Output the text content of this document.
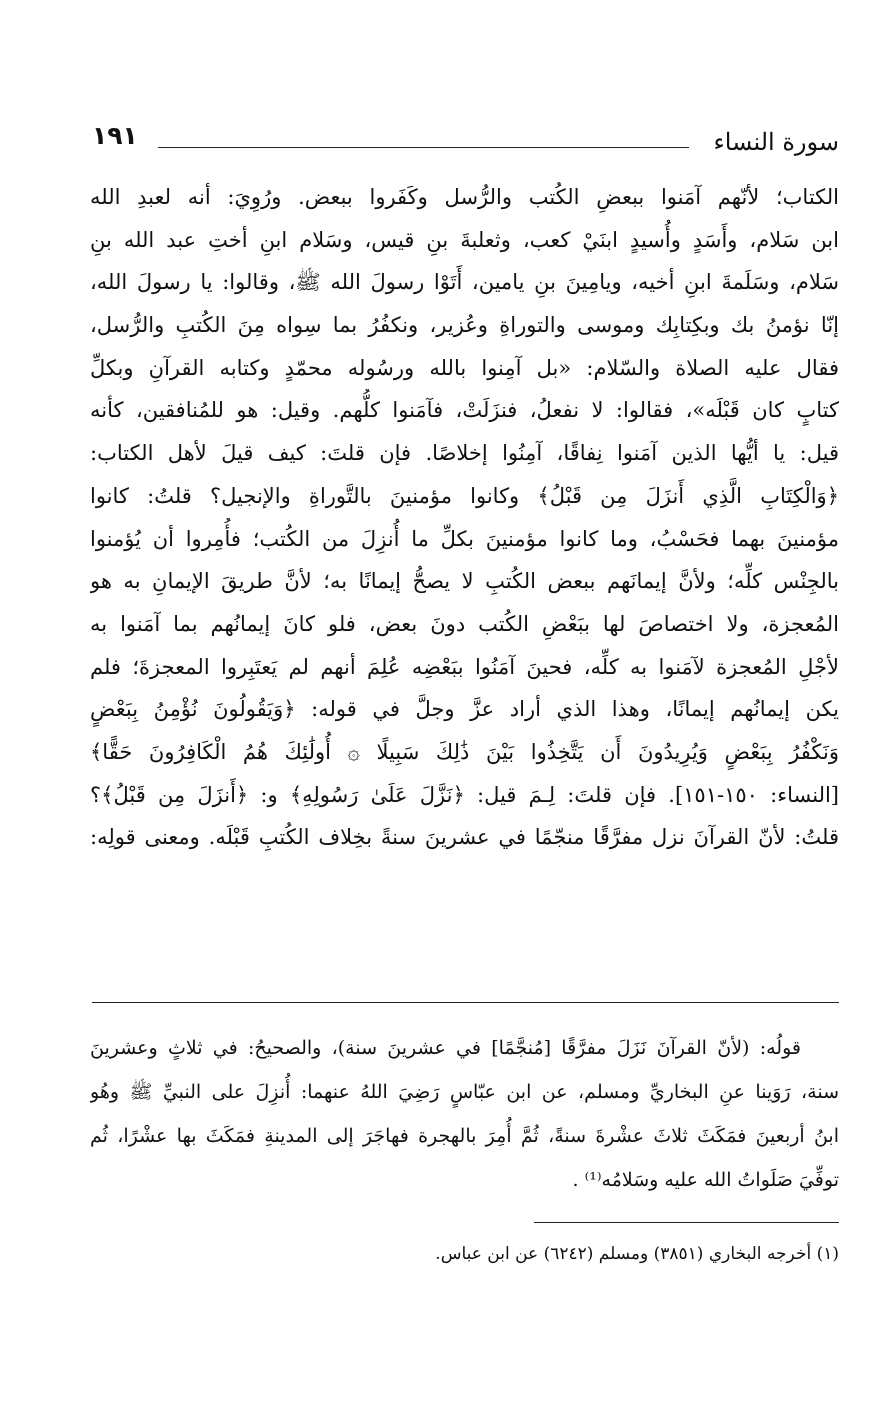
سورة النساء
١٩١
الكتاب؛ لأنّهم آمَنوا ببعضِ الكُتب والرُّسل وكَفَروا ببعض. ورُوِيَ: أنه لعبدِ الله
ابن سَلام، وأَسَدٍ وأُسيدٍ ابنَيْ كعب، وثعلبةَ بنِ قيس، وسَلام ابنِ أختِ عبد الله بنِ
سَلام، وسَلَمةَ ابنِ أخيه، ويامِينَ بنِ يامين، أَتَوْا رسولَ الله ﷺ، وقالوا: يا رسولَ الله،
إنّا نؤمنُ بك وبكِتابِك وموسى والتوراةِ وعُزير، ونكفُرُ بما سِواه مِنَ الكُتبِ والرُّسل،
فقال عليه الصلاة والسّلام: «بل آمِنوا بالله ورسُوله محمّدٍ وكتابه القرآنِ وبكلِّ
كتابٍ كان قَبْلَه»، فقالوا: لا نفعلُ، فنزَلَتْ، فآمَنوا كلُّهم. وقيل: هو للمُنافقين، كأنه
قيل: يا أيُّها الذين آمَنوا نِفاقًا، آمِنُوا إخلاصًا. فإن قلتَ: كيف قيلَ لأهل الكتاب:
﴿وَالْكِتَابِ الَّذِي أَنزَلَ مِن قَبْلُ﴾ وكانوا مؤمنينَ بالتَّوراةِ والإنجيل؟ قلتُ: كانوا
مؤمنينَ بهما فحَسْبُ، وما كانوا مؤمنينَ بكلِّ ما أُنزِلَ من الكُتب؛ فأُمِروا أن يُؤمنوا
بالجِنْس كلِّه؛ ولأنَّ إيمانَهم ببعض الكُتبِ لا يصحُّ إيمانًا به؛ لأنَّ طريقَ الإيمانِ به هو
المُعجزة، ولا اختصاصَ لها ببَعْضِ الكُتب دونَ بعض، فلو كانَ إيمانُهم بما آمَنوا به
لأجْلِ المُعجزة لآمَنوا به كلِّه، فحينَ آمَنُوا ببَعْضِه عُلِمَ أنهم لم يَعتَبِروا المعجزةَ؛ فلم
يكن إيمانُهم إيمانًا، وهذا الذي أراد عزَّ وجلَّ في قوله: ﴿وَيَقُولُونَ نُؤْمِنُ بِبَعْضٍ
وَنَكْفُرُ بِبَعْضٍ وَيُرِيدُونَ أَن يَتَّخِذُوا بَيْنَ ذَٰلِكَ سَبِيلًا ۞ أُولَٰئِكَ هُمُ الْكَافِرُونَ حَقًّا﴾
[النساء: ١٥٠-١٥١]. فإن قلتَ: لِـمَ قيل: ﴿نَزَّلَ عَلَىٰ رَسُولِهِ﴾ و: ﴿أَنزَلَ مِن قَبْلُ﴾؟
قلتُ: لأنّ القرآنَ نزل مفرَّقًا منجّمًا في عشرينَ سنةً بخِلاف الكُتبِ قَبْلَه. ومعنى قولِه:
قولُه: (لأنّ القرآنَ نَزَلَ مفرَّقًا [مُنجَّمًا] في عشرينَ سنة)، والصحيحُ: في ثلاثٍ وعشرينَ
سنة، رَوَينا عنِ البخاريِّ ومسلم، عن ابن عبّاسٍ رَضِيَ اللهُ عنهما: أُنزِلَ على النبيِّ ﷺ وهُو
ابنُ أربعينَ فمَكَثَ ثلاثَ عشْرةَ سنةً، ثُمَّ أُمِرَ بالهجرة فهاجَرَ إلى المدينةِ فمَكَثَ بها عشْرًا، ثُم
توفِّيَ صَلَواتُ الله عليه وسَلامُه⁽¹⁾ .
(١) أخرجه البخاري (٣٨٥١) ومسلم (٦٢٤٢) عن ابن عباس.
